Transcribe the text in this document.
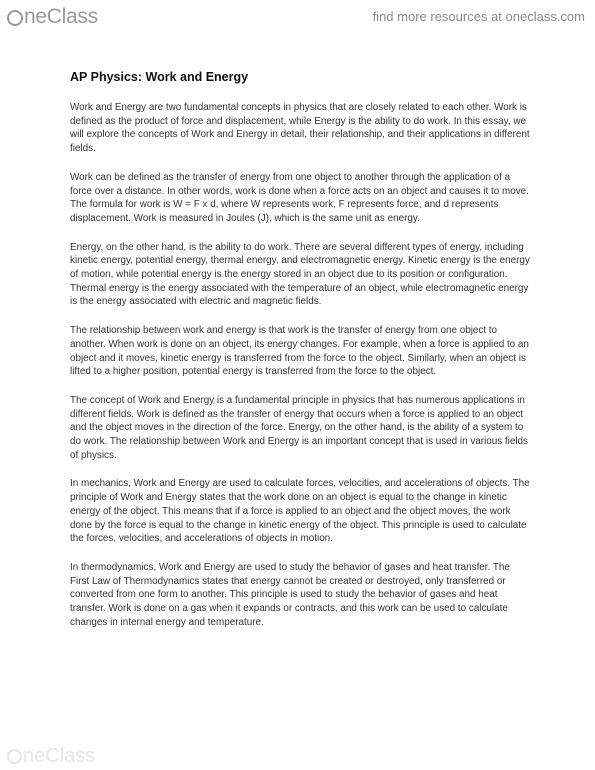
neClass	find more resources at oneclass.com
AP Physics: Work and Energy

Work and Energy are two fundamental concepts in physics that are closely related to each other. Work is defined as the product of force and displacement, while Energy is the ability to do work. In this essay, we will explore the concepts of Work and Energy in detail, their relationship, and their applications in different fields.

Work can be defined as the transfer of energy from one object to another through the application of a force over a distance. In other words, work is done when a force acts on an object and causes it to move. The formula for work is W = F x d, where W represents work, F represents force, and d represents displacement. Work is measured in Joules (J), which is the same unit as energy.

Energy, on the other hand, is the ability to do work. There are several different types of energy, including kinetic energy, potential energy, thermal energy, and electromagnetic energy. Kinetic energy is the energy of motion, while potential energy is the energy stored in an object due to its position or configuration. Thermal energy is the energy associated with the temperature of an object, while electromagnetic energy is the energy associated with electric and magnetic fields.

The relationship between work and energy is that work is the transfer of energy from one object to another. When work is done on an object, its energy changes. For example, when a force is applied to an object and it moves, kinetic energy is transferred from the force to the object. Similarly, when an object is lifted to a higher position, potential energy is transferred from the force to the object.

The concept of Work and Energy is a fundamental principle in physics that has numerous applications in different fields. Work is defined as the transfer of energy that occurs when a force is applied to an object and the object moves in the direction of the force. Energy, on the other hand, is the ability of a system to do work. The relationship between Work and Energy is an important concept that is used in various fields of physics.

In mechanics, Work and Energy are used to calculate forces, velocities, and accelerations of objects. The principle of Work and Energy states that the work done on an object is equal to the change in kinetic energy of the object. This means that if a force is applied to an object and the object moves, the work done by the force is equal to the change in kinetic energy of the object. This principle is used to calculate the forces, velocities, and accelerations of objects in motion.

In thermodynamics, Work and Energy are used to study the behavior of gases and heat transfer. The First Law of Thermodynamics states that energy cannot be created or destroyed, only transferred or converted from one form to another. This principle is used to study the behavior of gases and heat transfer. Work is done on a gas when it expands or contracts, and this work can be used to calculate changes in internal energy and temperature.

neClass
